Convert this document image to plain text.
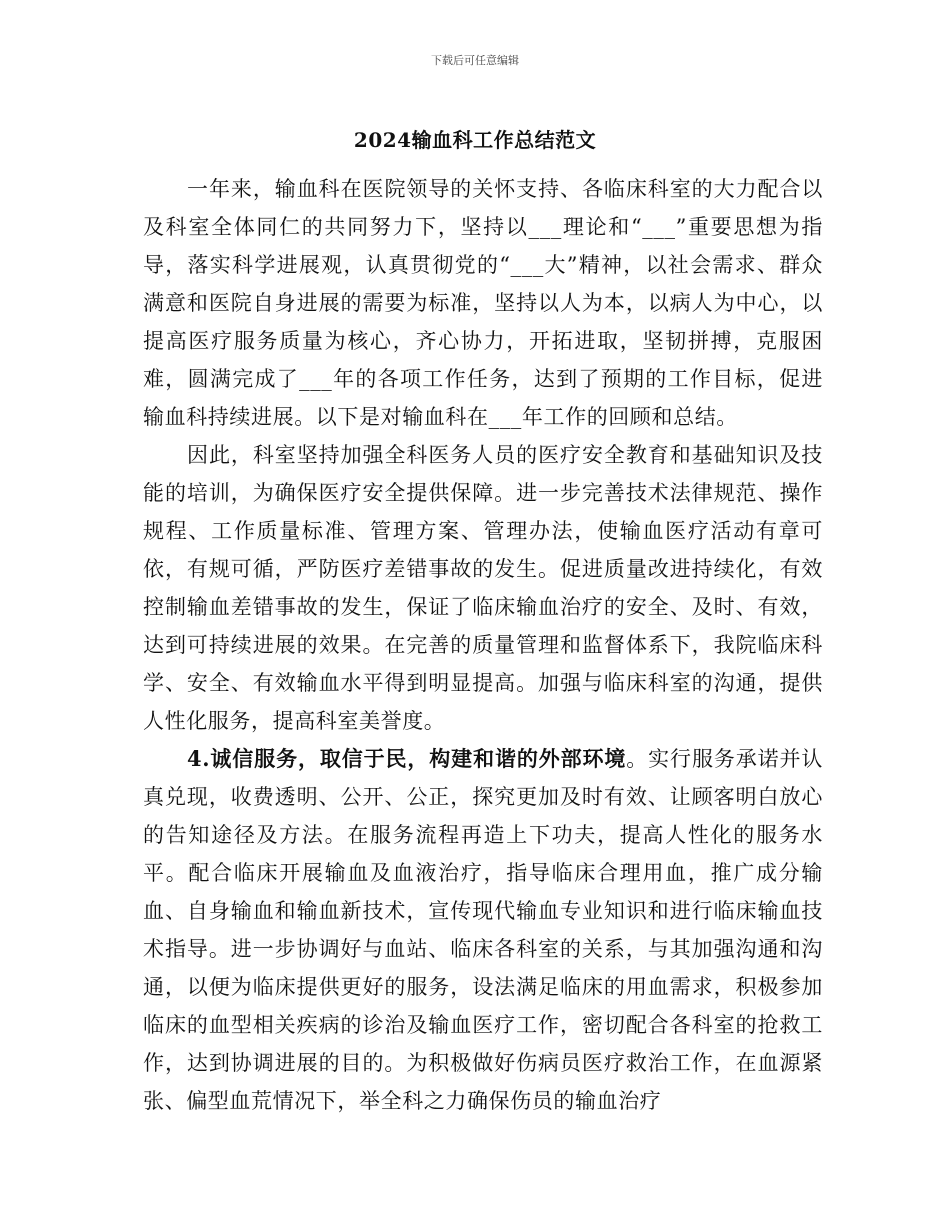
下载后可任意编辑
2024输血科工作总结范文

一年来，输血科在医院领导的关怀支持、各临床科室的大力配合以及科室全体同仁的共同努力下，坚持以___理论和“___”重要思想为指导，落实科学进展观，认真贯彻党的“___大”精神，以社会需求、群众满意和医院自身进展的需要为标准，坚持以人为本，以病人为中心，以提高医疗服务质量为核心，齐心协力，开拓进取，坚韧拼搏，克服困难，圆满完成了___年的各项工作任务，达到了预期的工作目标，促进输血科持续进展。以下是对输血科在___年工作的回顾和总结。

因此，科室坚持加强全科医务人员的医疗安全教育和基础知识及技能的培训，为确保医疗安全提供保障。进一步完善技术法律规范、操作规程、工作质量标准、管理方案、管理办法，使输血医疗活动有章可依，有规可循，严防医疗差错事故的发生。促进质量改进持续化，有效控制输血差错事故的发生，保证了临床输血治疗的安全、及时、有效，达到可持续进展的效果。在完善的质量管理和监督体系下，我院临床科学、安全、有效输血水平得到明显提高。加强与临床科室的沟通，提供人性化服务，提高科室美誉度。

4.诚信服务，取信于民，构建和谐的外部环境。实行服务承诺并认真兑现，收费透明、公开、公正，探究更加及时有效、让顾客明白放心的告知途径及方法。在服务流程再造上下功夫，提高人性化的服务水平。配合临床开展输血及血液治疗，指导临床合理用血，推广成分输血、自身输血和输血新技术，宣传现代输血专业知识和进行临床输血技术指导。进一步协调好与血站、临床各科室的关系，与其加强沟通和沟通，以便为临床提供更好的服务，设法满足临床的用血需求，积极参加临床的血型相关疾病的诊治及输血医疗工作，密切配合各科室的抢救工作，达到协调进展的目的。为积极做好伤病员医疗救治工作，在血源紧张、偏型血荒情况下，举全科之力确保伤员的输血治疗
